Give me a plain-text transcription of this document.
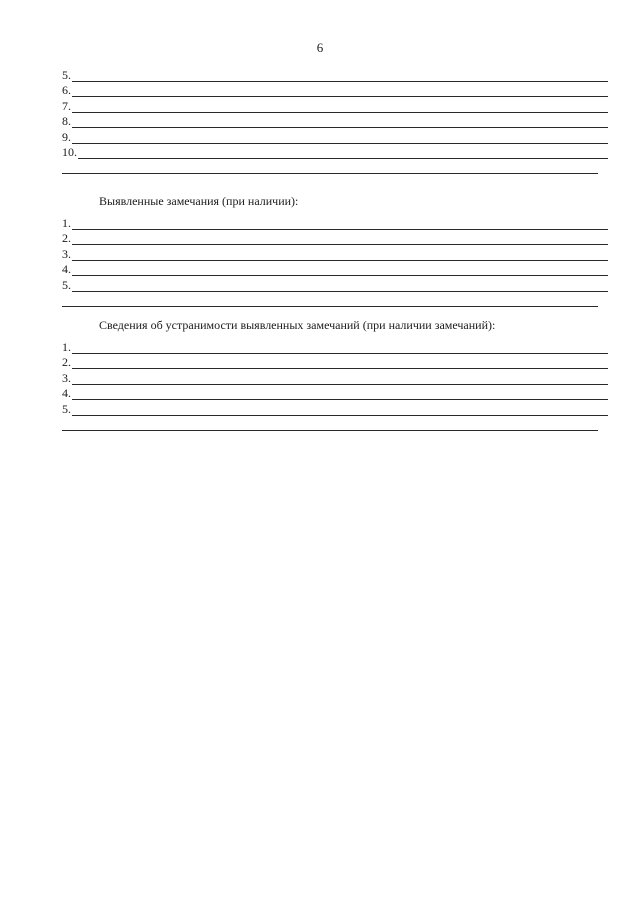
6
5.
6.
7.
8.
9.
10.
Выявленные замечания (при наличии):
1.
2.
3.
4.
5.
Сведения об устранимости выявленных замечаний (при наличии замечаний):
1.
2.
3.
4.
5.
